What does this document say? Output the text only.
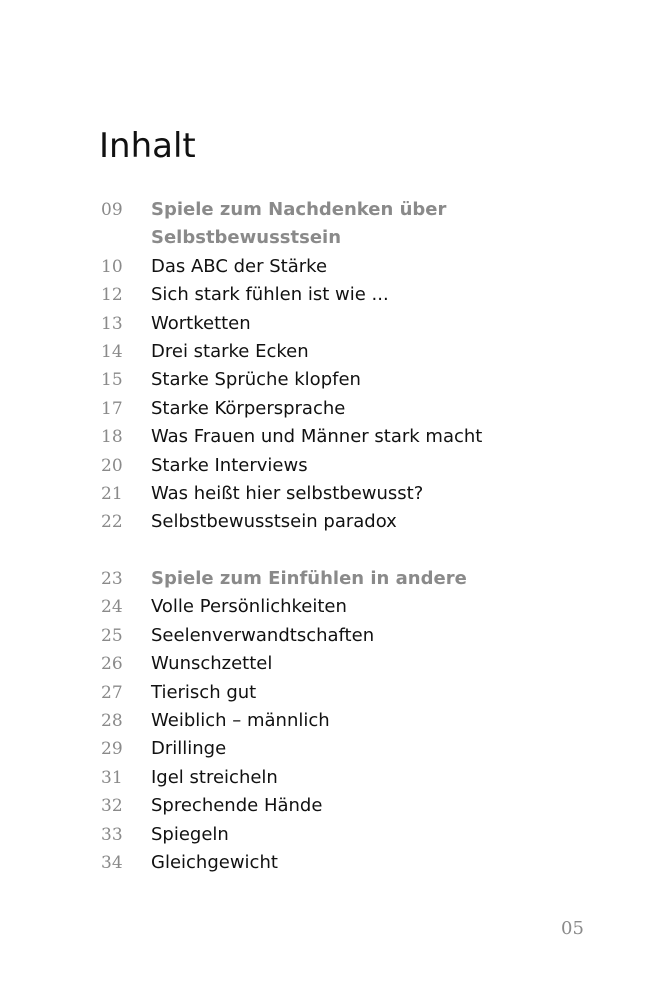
Inhalt
09 Spiele zum Nachdenken über Selbstbewusstsein
10 Das ABC der Stärke
12 Sich stark fühlen ist wie ...
13 Wortketten
14 Drei starke Ecken
15 Starke Sprüche klopfen
17 Starke Körpersprache
18 Was Frauen und Männer stark macht
20 Starke Interviews
21 Was heißt hier selbstbewusst?
22 Selbstbewusstsein paradox
23 Spiele zum Einfühlen in andere
24 Volle Persönlichkeiten
25 Seelenverwandtschaften
26 Wunschzettel
27 Tierisch gut
28 Weiblich – männlich
29 Drillinge
31 Igel streicheln
32 Sprechende Hände
33 Spiegeln
34 Gleichgewicht
05
